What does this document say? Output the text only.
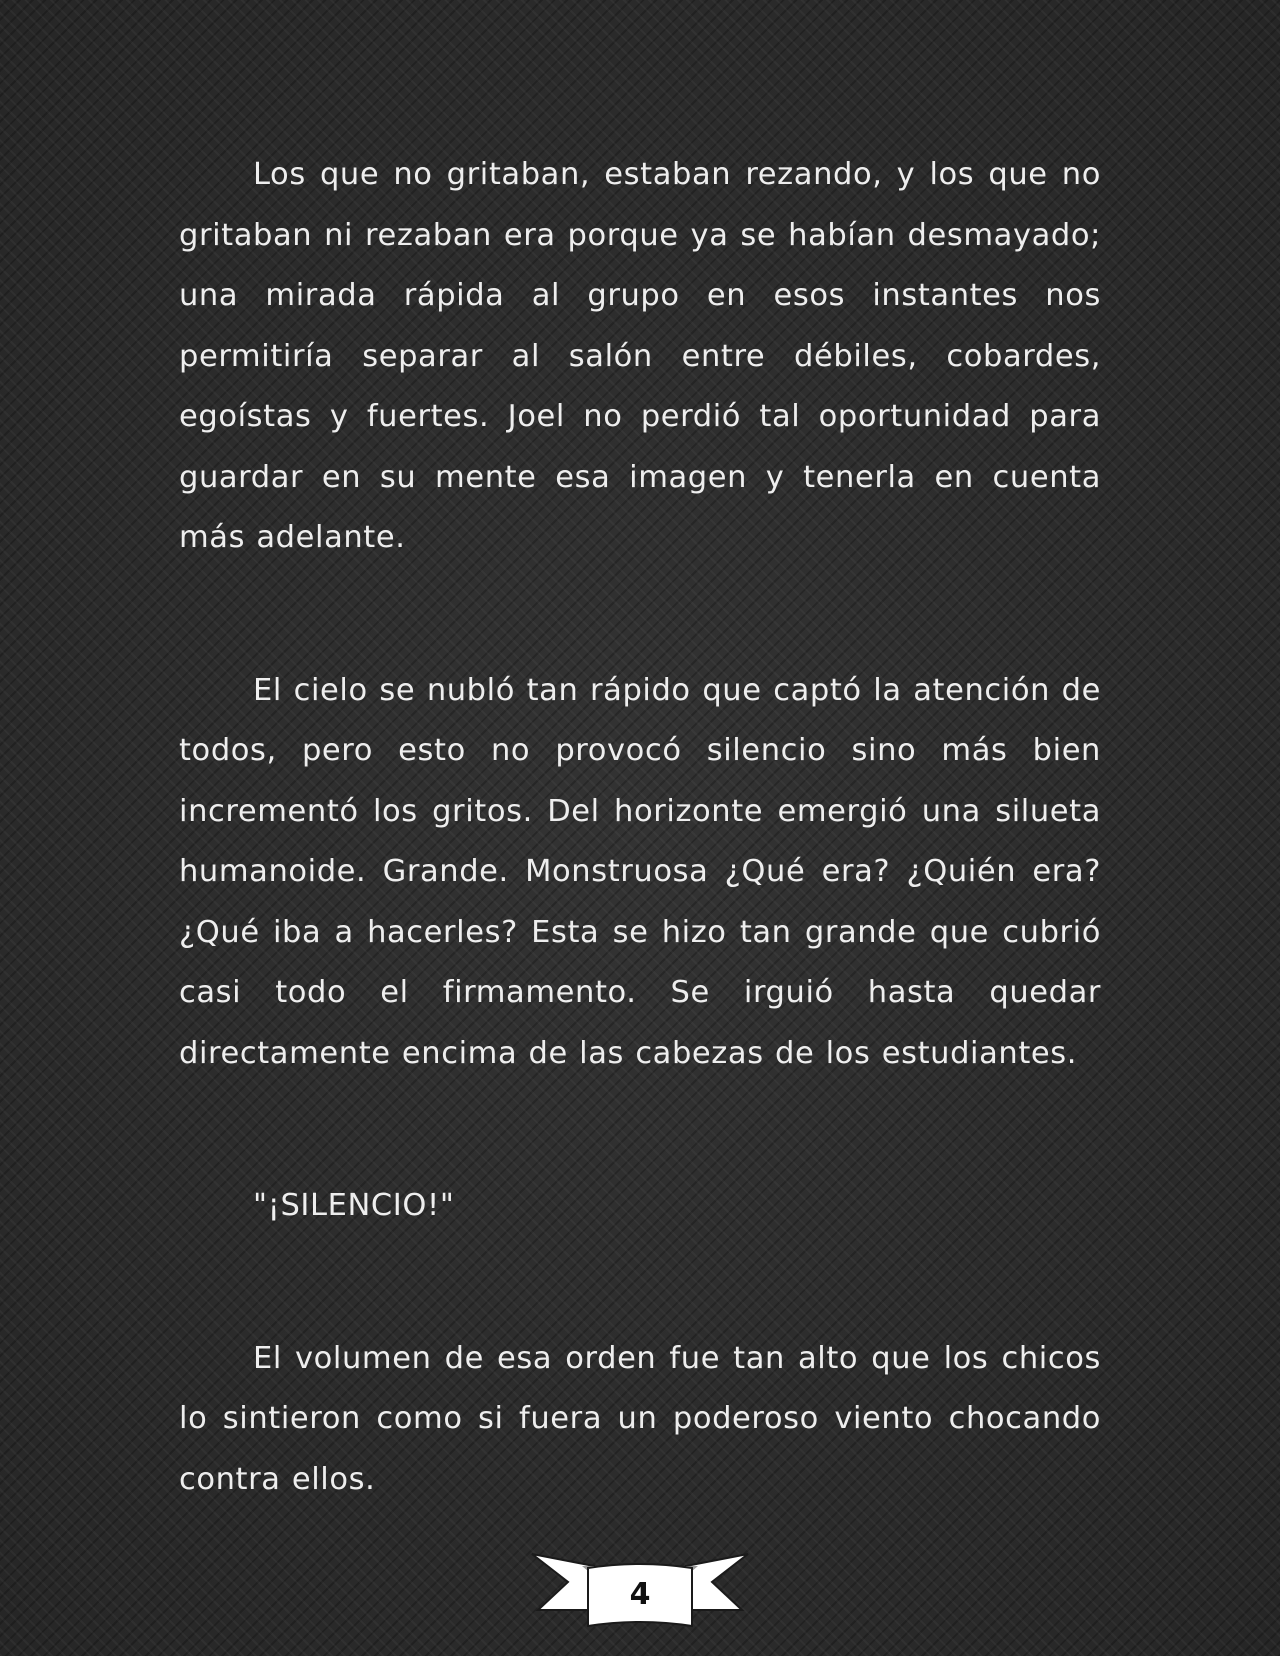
Los que no gritaban, estaban rezando, y los que no gritaban ni rezaban era porque ya se habían desmayado; una mirada rápida al grupo en esos instantes nos permitiría separar al salón entre débiles, cobardes, egoístas y fuertes. Joel no perdió tal oportunidad para guardar en su mente esa imagen y tenerla en cuenta más adelante.

El cielo se nubló tan rápido que captó la atención de todos, pero esto no provocó silencio sino más bien incrementó los gritos. Del horizonte emergió una silueta humanoide. Grande. Monstruosa ¿Qué era? ¿Quién era? ¿Qué iba a hacerles? Esta se hizo tan grande que cubrió casi todo el firmamento. Se irguió hasta quedar directamente encima de las cabezas de los estudiantes.

"¡SILENCIO!"

El volumen de esa orden fue tan alto que los chicos lo sintieron como si fuera un poderoso viento chocando contra ellos.

4
